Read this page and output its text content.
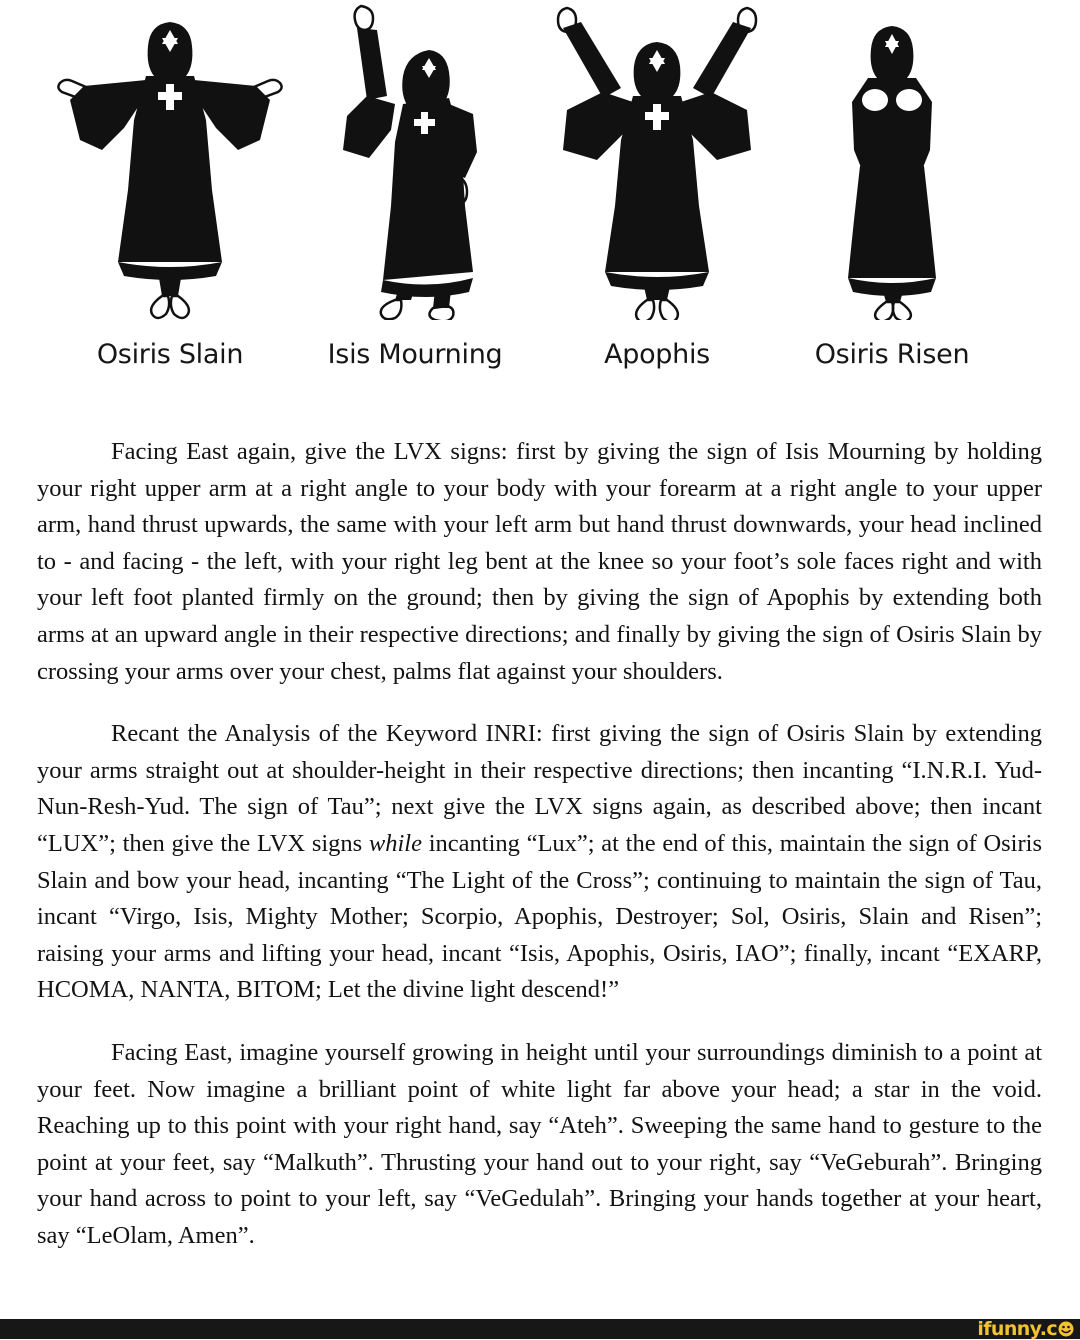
Osiris Slain	Isis Mourning	Apophis	Osiris Risen

Facing East again, give the LVX signs: first by giving the sign of Isis Mourning by holding your right upper arm at a right angle to your body with your forearm at a right angle to your upper arm, hand thrust upwards, the same with your left arm but hand thrust downwards, your head inclined to - and facing - the left, with your right leg bent at the knee so your foot’s sole faces right and with your left foot planted firmly on the ground; then by giving the sign of Apophis by extending both arms at an upward angle in their respective directions; and finally by giving the sign of Osiris Slain by crossing your arms over your chest, palms flat against your shoulders.

Recant the Analysis of the Keyword INRI: first giving the sign of Osiris Slain by extending your arms straight out at shoulder-height in their respective directions; then incanting “I.N.R.I. Yud-Nun-Resh-Yud. The sign of Tau”; next give the LVX signs again, as described above; then incant “LUX”; then give the LVX signs while incanting “Lux”; at the end of this, maintain the sign of Osiris Slain and bow your head, incanting “The Light of the Cross”; continuing to maintain the sign of Tau, incant “Virgo, Isis, Mighty Mother; Scorpio, Apophis, Destroyer; Sol, Osiris, Slain and Risen”; raising your arms and lifting your head, incant “Isis, Apophis, Osiris, IAO”; finally, incant “EXARP, HCOMA, NANTA, BITOM; Let the divine light descend!”

Facing East, imagine yourself growing in height until your surroundings diminish to a point at your feet. Now imagine a brilliant point of white light far above your head; a star in the void. Reaching up to this point with your right hand, say “Ateh”. Sweeping the same hand to gesture to the point at your feet, say “Malkuth”. Thrusting your hand out to your right, say “VeGeburah”. Bringing your hand across to point to your left, say “VeGedulah”. Bringing your hands together at your heart, say “LeOlam, Amen”.

ifunny.c
